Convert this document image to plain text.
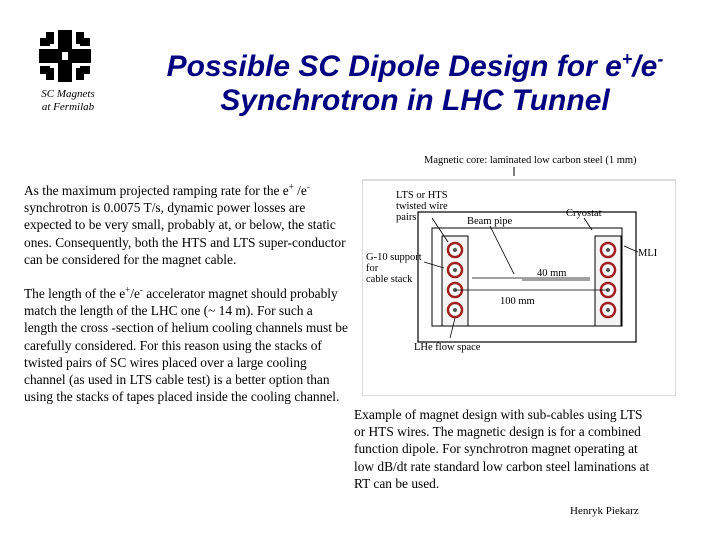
SC Magnets
at Fermilab
Possible SC Dipole Design for e+/e-
Synchrotron in LHC Tunnel

As the maximum projected ramping rate for the e+ /e- synchrotron is 0.0075 T/s, dynamic power losses are expected to be very small, probably at, or below, the static ones. Consequently, both the HTS and LTS super-conductor can be considered for the magnet cable.

The length of the e+/e- accelerator magnet should probably match the length of the LHC one (~ 14 m). For such a length the cross -section of helium cooling channels must be carefully considered. For this reason using the stacks of twisted pairs of SC wires placed over a large cooling channel (as used in LTS cable test) is a better option than using the stacks of tapes placed inside the cooling channel.

Magnetic core: laminated low carbon steel (1 mm)
40 mm
100 mm
LTS or HTS
twisted wire
pairs	Beam pipe
Cryostat
G-10 support
for
cable stack
MLI
LHe flow space

Example of magnet design with sub-cables using LTS or HTS wires. The magnetic design is for a combined function dipole. For synchrotron magnet operating at low dB/dt rate standard low carbon steel laminations at RT can be used.

Henryk Piekarz
